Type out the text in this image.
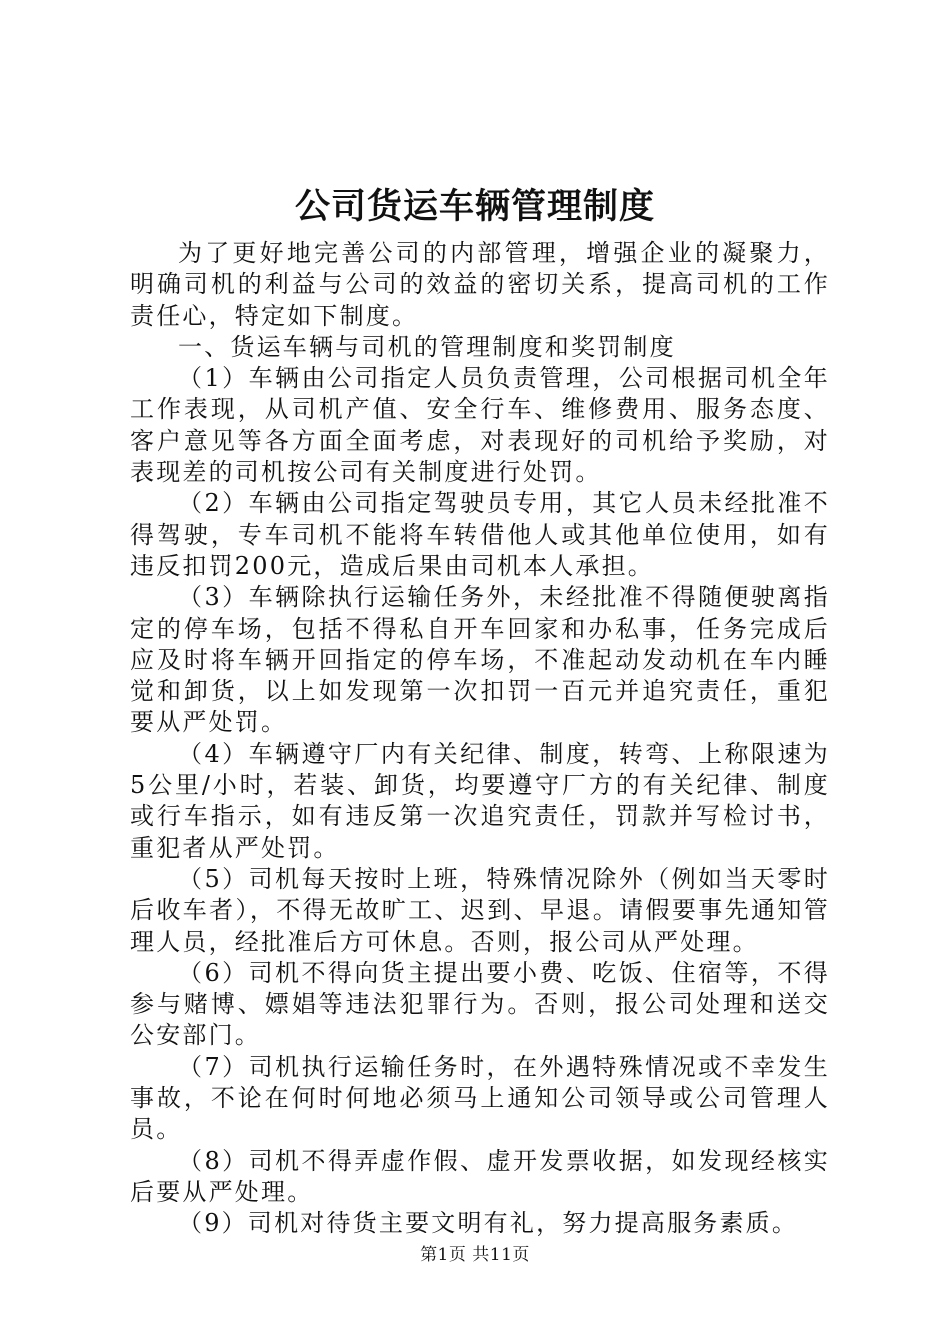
公司货运车辆管理制度

为了更好地完善公司的内部管理，增强企业的凝聚力，明确司机的利益与公司的效益的密切关系，提高司机的工作责任心，特定如下制度。

一、货运车辆与司机的管理制度和奖罚制度

（1）车辆由公司指定人员负责管理，公司根据司机全年工作表现，从司机产值、安全行车、维修费用、服务态度、客户意见等各方面全面考虑，对表现好的司机给予奖励，对表现差的司机按公司有关制度进行处罚。

（2）车辆由公司指定驾驶员专用，其它人员未经批准不得驾驶，专车司机不能将车转借他人或其他单位使用，如有违反扣罚200元，造成后果由司机本人承担。

（3）车辆除执行运输任务外，未经批准不得随便驶离指定的停车场，包括不得私自开车回家和办私事，任务完成后应及时将车辆开回指定的停车场，不准起动发动机在车内睡觉和卸货，以上如发现第一次扣罚一百元并追究责任，重犯要从严处罚。

（4）车辆遵守厂内有关纪律、制度，转弯、上称限速为5公里/小时，若装、卸货，均要遵守厂方的有关纪律、制度或行车指示，如有违反第一次追究责任，罚款并写检讨书，重犯者从严处罚。

（5）司机每天按时上班，特殊情况除外（例如当天零时后收车者），不得无故旷工、迟到、早退。请假要事先通知管理人员，经批准后方可休息。否则，报公司从严处理。

（6）司机不得向货主提出要小费、吃饭、住宿等，不得参与赌博、嫖娼等违法犯罪行为。否则，报公司处理和送交公安部门。

（7）司机执行运输任务时，在外遇特殊情况或不幸发生事故，不论在何时何地必须马上通知公司领导或公司管理人员。

（8）司机不得弄虚作假、虚开发票收据，如发现经核实后要从严处理。

（9）司机对待货主要文明有礼，努力提高服务素质。

第1页 共11页
